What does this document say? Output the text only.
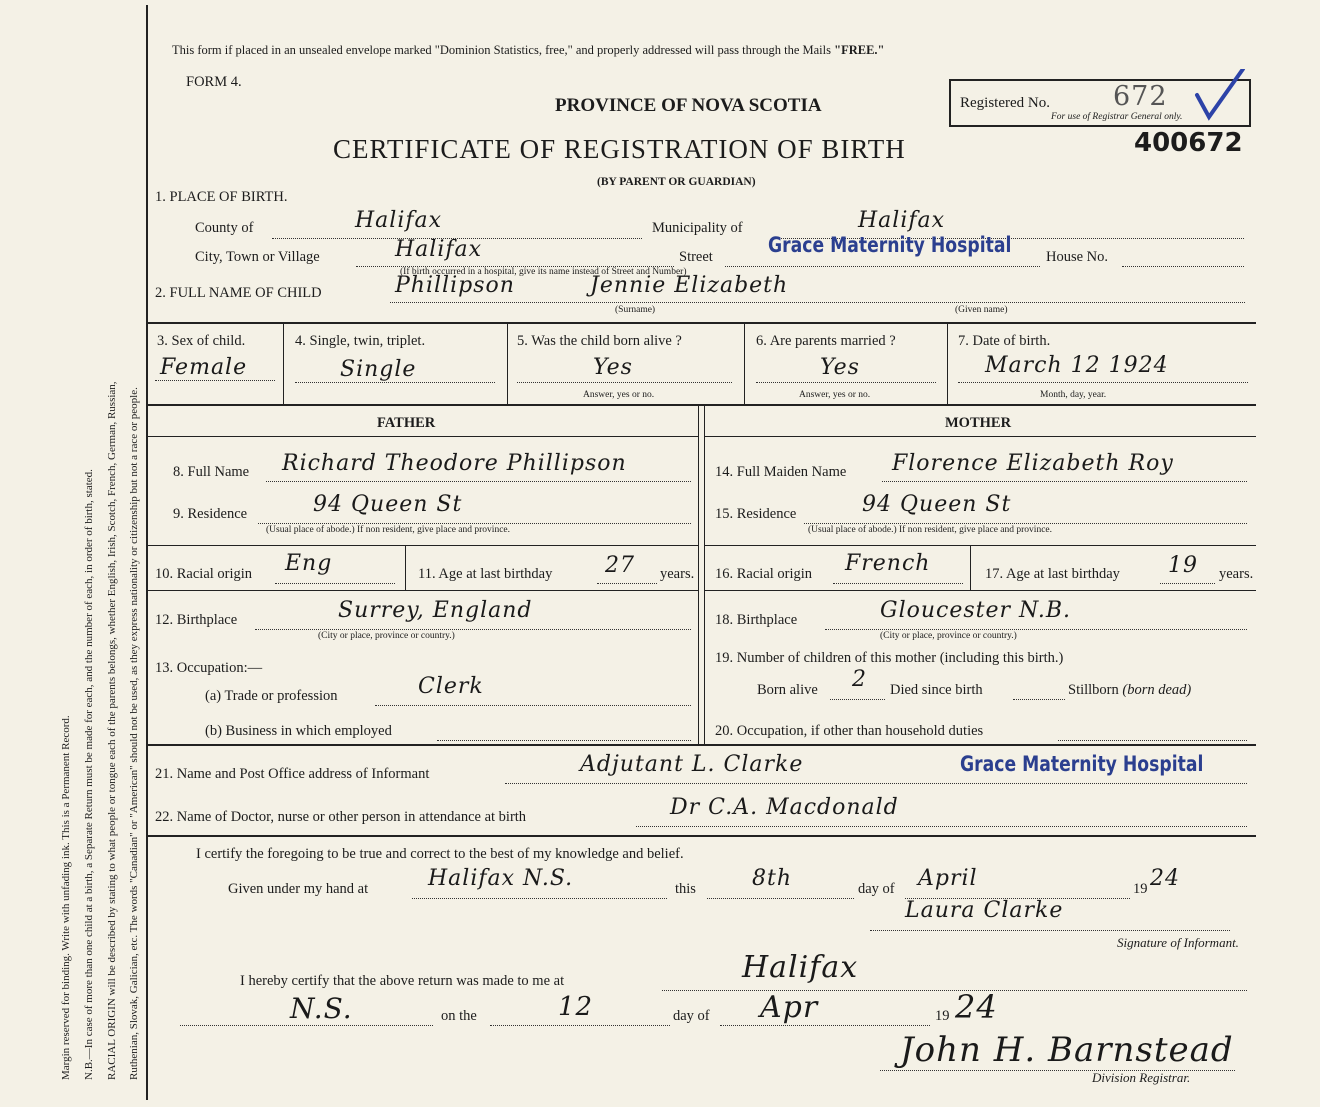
Margin reserved for binding. Write with unfading ink. This is a Permanent Record. N.B.—In case of more than one child at a birth, a Separate Return must be made for each, and the number of each, in order of birth, stated. RACIAL ORIGIN will be described by stating to what people or tongue each of the parents belongs, whether English, Irish, Scotch, French, German, Russian, Ruthenian, Slovak, Galician, etc. The words "Canadian" or "American" should not be used, as they express nationality or citizenship but not a race or people.
This form if placed in an unsealed envelope marked "Dominion Statistics, free," and properly addressed will pass through the Mails "FREE."
FORM 4.
PROVINCE OF NOVA SCOTIA
CERTIFICATE OF REGISTRATION OF BIRTH
(BY PARENT OR GUARDIAN)
Registered No. 672
For use of Registrar General only.
400672
1. PLACE OF BIRTH.
County of	Halifax	Municipality of	Halifax
City, Town or Village	Halifax	Street	Grace Maternity Hospital House No.
(If birth occurred in a hospital, give its name instead of Street and Number)
2. FULL NAME OF CHILD	Phillipson	Jennie Elizabeth
(Surname)	(Given name)
3. Sex of child.
Female
4. Single, twin, triplet.
Single
5. Was the child born alive ?
Yes
Answer, yes or no.
6. Are parents married ?
Yes
Answer, yes or no.
7. Date of birth.
March 12 1924
Month, day, year.
FATHER	MOTHER
8. Full Name Richard Theodore Phillipson
9. Residence	94 Queen St
(Usual place of abode.) If non resident, give place and province.
10. Racial origin Eng	11. Age at last birthday 27 years.
12. Birthplace	Surrey, England
(City or place, province or country.)
13. Occupation:—
(a) Trade or profession	Clerk
(b) Business in which employed
14. Full Maiden Name Florence Elizabeth Roy
15. Residence	94 Queen St
(Usual place of abode.) If non resident, give place and province.
16. Racial origin French	17. Age at last birthday 19 years.
18. Birthplace	Gloucester N.B.
(City or place, province or country.)
19. Number of children of this mother (including this birth.)
Born alive 2 Died since birth	Stillborn (born dead)
20. Occupation, if other than household duties
21. Name and Post Office address of Informant	Adjutant L. Clarke	Grace Maternity Hospital
22. Name of Doctor, nurse or other person in attendance at birth	Dr C.A. Macdonald
I certify the foregoing to be true and correct to the best of my knowledge and belief.
Given under my hand at	Halifax N.S.	this	8th	day of April	19 24
Laura Clarke
Signature of Informant.
I hereby certify that the above return was made to me at	Halifax
N.S.	on the	12	day of Apr	19 24
John H. Barnstead
Division Registrar.
